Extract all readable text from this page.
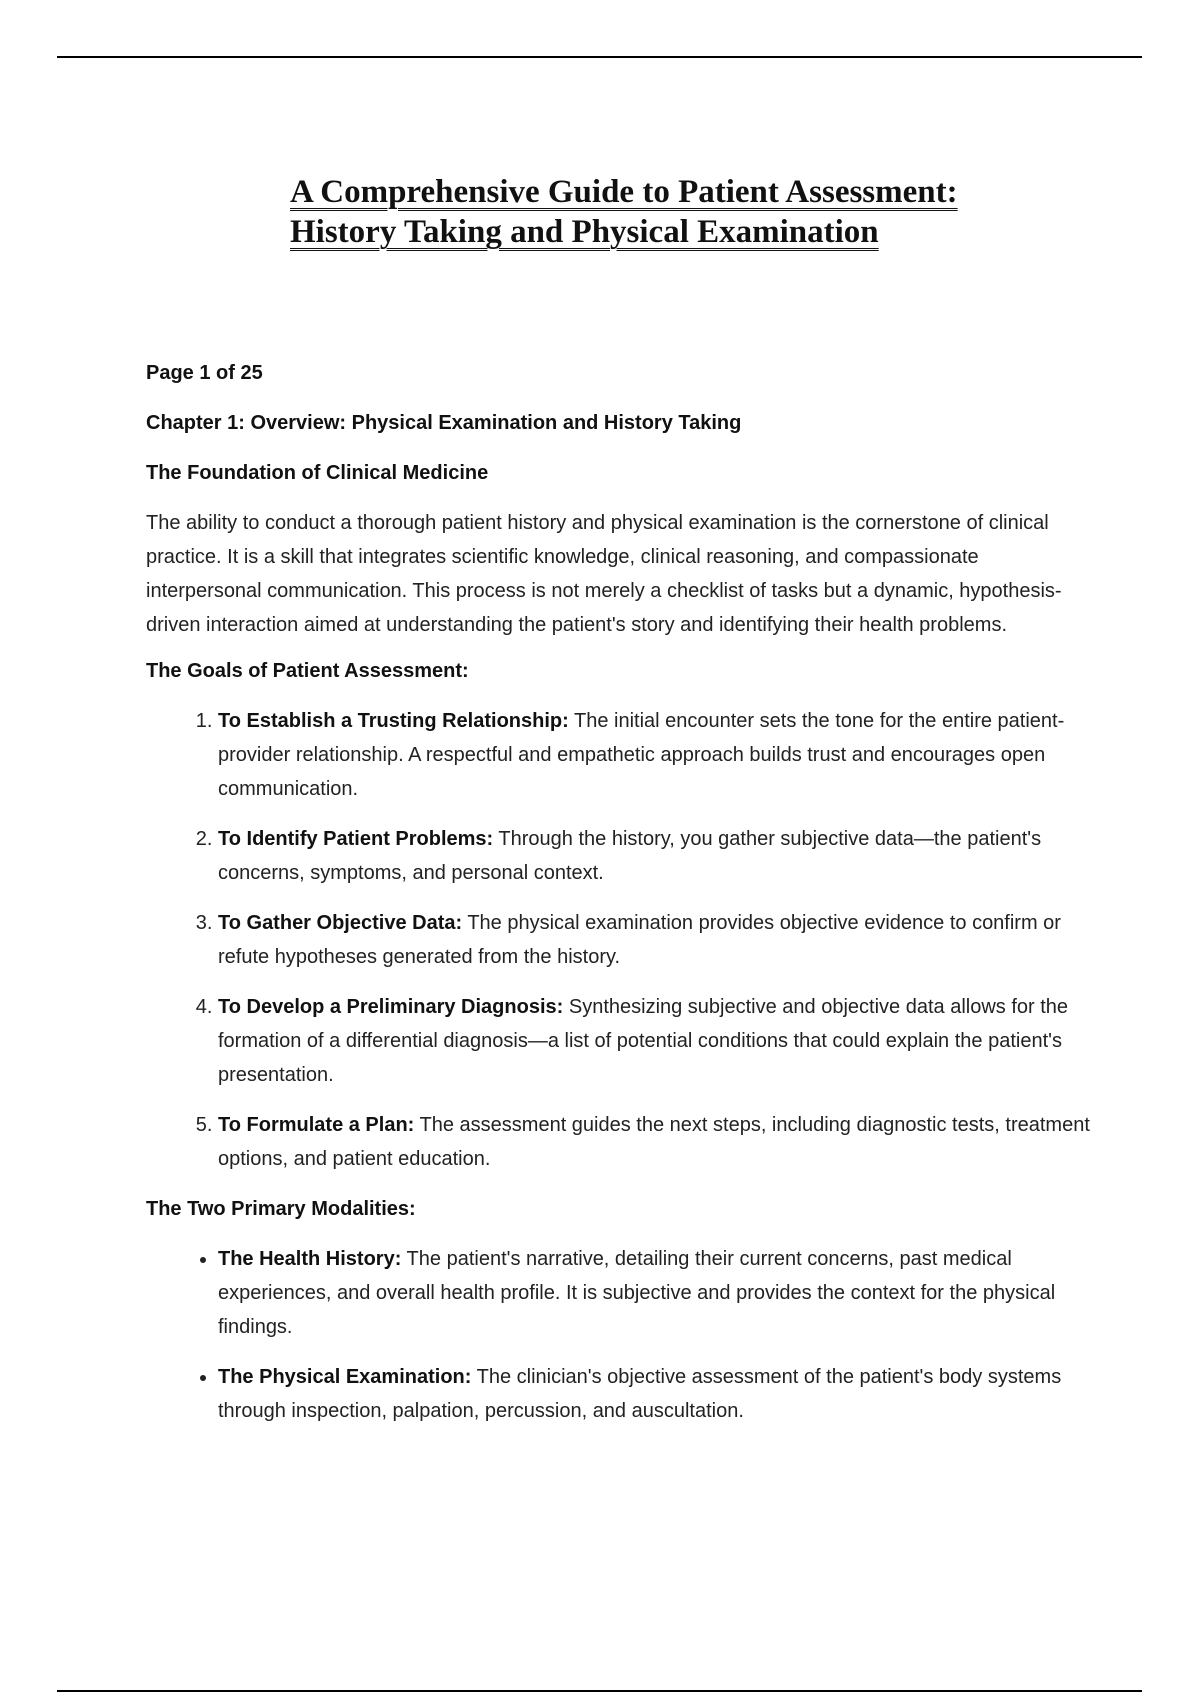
A Comprehensive Guide to Patient Assessment:
History Taking and Physical Examination

Page 1 of 25

Chapter 1: Overview: Physical Examination and History Taking

The Foundation of Clinical Medicine

The ability to conduct a thorough patient history and physical examination is the cornerstone of clinical practice. It is a skill that integrates scientific knowledge, clinical reasoning, and compassionate interpersonal communication. This process is not merely a checklist of tasks but a dynamic, hypothesis-driven interaction aimed at understanding the patient's story and identifying their health problems.

The Goals of Patient Assessment:

1. To Establish a Trusting Relationship: The initial encounter sets the tone for the entire patient-provider relationship. A respectful and empathetic approach builds trust and encourages open communication.
2. To Identify Patient Problems: Through the history, you gather subjective data—the patient's concerns, symptoms, and personal context.
3. To Gather Objective Data: The physical examination provides objective evidence to confirm or refute hypotheses generated from the history.
4. To Develop a Preliminary Diagnosis: Synthesizing subjective and objective data allows for the formation of a differential diagnosis—a list of potential conditions that could explain the patient's presentation.
5. To Formulate a Plan: The assessment guides the next steps, including diagnostic tests, treatment options, and patient education.

The Two Primary Modalities:

• The Health History: The patient's narrative, detailing their current concerns, past medical experiences, and overall health profile. It is subjective and provides the context for the physical findings.
• The Physical Examination: The clinician's objective assessment of the patient's body systems through inspection, palpation, percussion, and auscultation.
